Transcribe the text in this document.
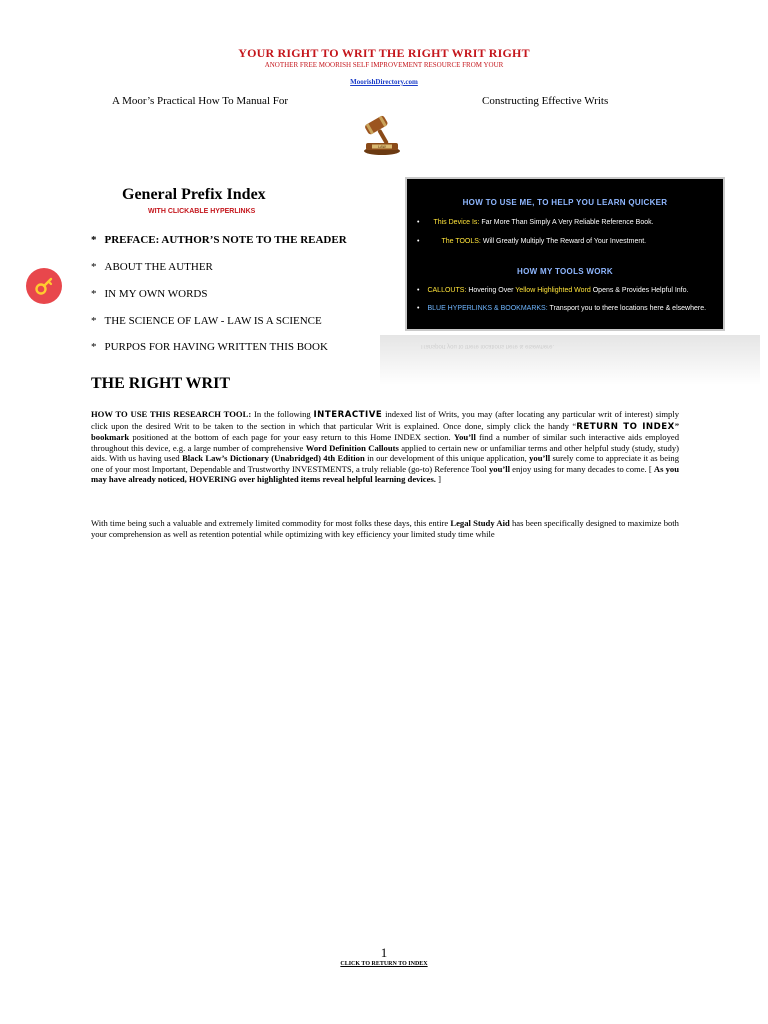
YOUR RIGHT TO WRIT THE RIGHT WRIT RIGHT
ANOTHER FREE MOORISH SELF IMPROVEMENT RESOURCE FROM YOUR
MoorishDirectory.com
A Moor’s Practical How To Manual For	Constructing Effective Writs
LAW
General Prefix Index
WITH CLICKABLE HYPERLINKS
* PREFACE: AUTHOR’S NOTE TO THE READER
* ABOUT THE AUTHER
* IN MY OWN WORDS
* THE SCIENCE OF LAW - LAW IS A SCIENCE
* PURPOS FOR HAVING WRITTEN THIS BOOK
HOW TO USE ME, TO HELP YOU LEARN QUICKER
• This Device Is: Far More Than Simply A Very Reliable Reference Book.
•	The TOOLS: Will Greatly Multiply The Reward of Your Investment.
HOW MY TOOLS WORK
• CALLOUTS: Hovering Over Yellow Highlighted Word Opens & Provides Helpful Info.
• BLUE HYPERLINKS & BOOKMARKS: Transport you to there locations here & elsewhere.
Transport you to there locations here & elsewhere.
THE RIGHT WRIT
HOW TO USE THIS RESEARCH TOOL: In the following INTERACTIVE indexed list of Writs, you may (after locating any particular writ of interest) simply click upon the desired Writ to be taken to the section in which that particular Writ is explained. Once done, simply click the handy “RETURN TO INDEX” bookmark positioned at the bottom of each page for your easy return to this Home INDEX section. You’ll find a number of similar such interactive aids employed throughout this device, e.g. a large number of comprehensive Word Definition Callouts applied to certain new or unfamiliar terms and other helpful study (study, study) aids. With us having used Black Law’s Dictionary (Unabridged) 4th Edition in our development of this unique application, you’ll surely come to appreciate it as being one of your most Important, Dependable and Trustworthy INVESTMENTS, a truly reliable (go-to) Reference Tool you’ll enjoy using for many decades to come. [ As you may have already noticed, HOVERING over highlighted items reveal helpful learning devices. ]
With time being such a valuable and extremely limited commodity for most folks these days, this entire Legal Study Aid has been specifically designed to maximize both your comprehension as well as retention potential while optimizing with key efficiency your limited study time while
1
CLICK TO RETURN TO INDEX
